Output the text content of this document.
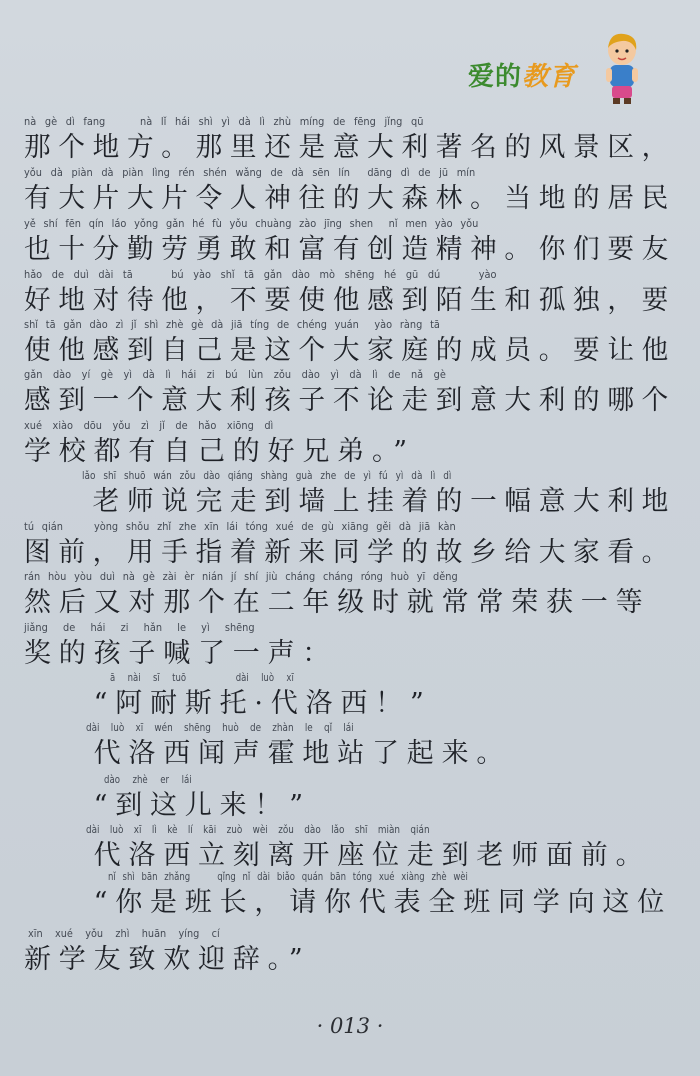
爱的教育
nà gè dì fang    nà lǐ hái shì yì dà lì zhù míng de fēng jǐng qū
那个地方。那里还是意大利著名的风景区，
yǒu dà piàn dà piàn lìng rén shén wǎng de dà sēn lín  dāng dì de jū mín
有大片大片令人神往的大森林。当地的居民
yě shí fēn qín láo yǒng gǎn hé fù yǒu chuàng zào jīng shen  nǐ men yào yǒu
也十分勤劳勇敢和富有创造精神。你们要友
hǎo de duì dài tā    bú yào shǐ tā gǎn dào mò shēng hé gū dú    yào
好地对待他，不要使他感到陌生和孤独，要
shǐ tā gǎn dào zì jǐ shì zhè gè dà jiā tíng de chéng yuán  yào ràng tā
使他感到自己是这个大家庭的成员。要让他
gǎn dào yí gè yì dà lì hái zi bú lùn zǒu dào yì dà lì de nǎ gè
感到一个意大利孩子不论走到意大利的哪个
xué xiào dōu yǒu zì jǐ de hǎo xiōng dì
学校都有自己的好兄弟。”
lǎo shī shuō wán zǒu dào qiáng shàng guà zhe de yì fú yì dà lì dì
　　老师说完走到墙上挂着的一幅意大利地
tú qián    yòng shǒu zhǐ zhe xīn lái tóng xué de gù xiāng gěi dà jiā kàn
图前，用手指着新来同学的故乡给大家看。
rán hòu yòu duì nà gè zài èr nián jí shí jiù cháng cháng róng huò yī děng
然后又对那个在二年级时就常常荣获一等
jiǎng de hái zi hǎn le yì shēng
奖的孩子喊了一声：
ā nài sī tuō    dài luò xī
　　“阿耐斯托·代洛西！”
dài luò xī wén shēng huò de zhàn le qǐ lái
　　代洛西闻声霍地站了起来。
dào zhè er lái
　　“到这儿来！”
dài luò xī lì kè lí kāi zuò wèi zǒu dào lǎo shī miàn qián
　　代洛西立刻离开座位走到老师面前。
nǐ shì bān zhǎng    qǐng nǐ dài biǎo quán bān tóng xué xiàng zhè wèi
　　“你是班长，请你代表全班同学向这位
xīn xué yǒu zhì huān yíng cí
新学友致欢迎辞。”
· 013 ·
